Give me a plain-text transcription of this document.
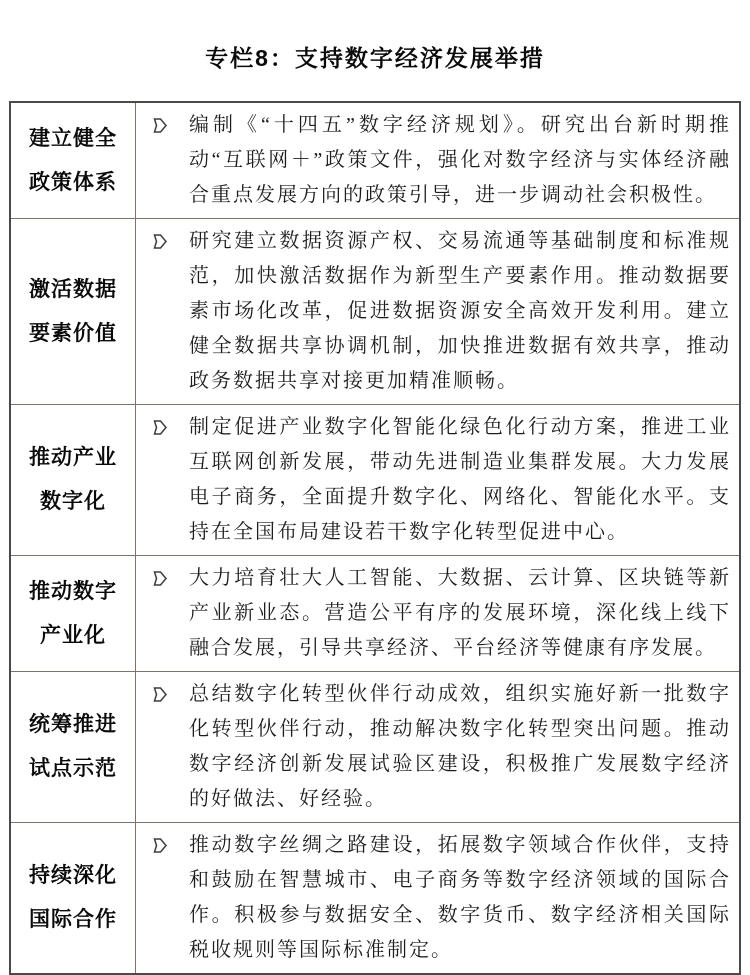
专栏8：支持数字经济发展举措
建立健全
政策体系
编制《“十四五”数字经济规划》。研究出台新时期推动“互联网＋”政策文件，强化对数字经济与实体经济融合重点发展方向的政策引导，进一步调动社会积极性。
激活数据
要素价值
研究建立数据资源产权、交易流通等基础制度和标准规范，加快激活数据作为新型生产要素作用。推动数据要素市场化改革，促进数据资源安全高效开发利用。建立健全数据共享协调机制，加快推进数据有效共享，推动政务数据共享对接更加精准顺畅。
推动产业
数字化
制定促进产业数字化智能化绿色化行动方案，推进工业互联网创新发展，带动先进制造业集群发展。大力发展电子商务，全面提升数字化、网络化、智能化水平。支持在全国布局建设若干数字化转型促进中心。
推动数字
产业化
大力培育壮大人工智能、大数据、云计算、区块链等新产业新业态。营造公平有序的发展环境，深化线上线下融合发展，引导共享经济、平台经济等健康有序发展。
统筹推进
试点示范
总结数字化转型伙伴行动成效，组织实施好新一批数字化转型伙伴行动，推动解决数字化转型突出问题。推动数字经济创新发展试验区建设，积极推广发展数字经济的好做法、好经验。
持续深化
国际合作
推动数字丝绸之路建设，拓展数字领域合作伙伴，支持和鼓励在智慧城市、电子商务等数字经济领域的国际合作。积极参与数据安全、数字货币、数字经济相关国际税收规则等国际标准制定。
